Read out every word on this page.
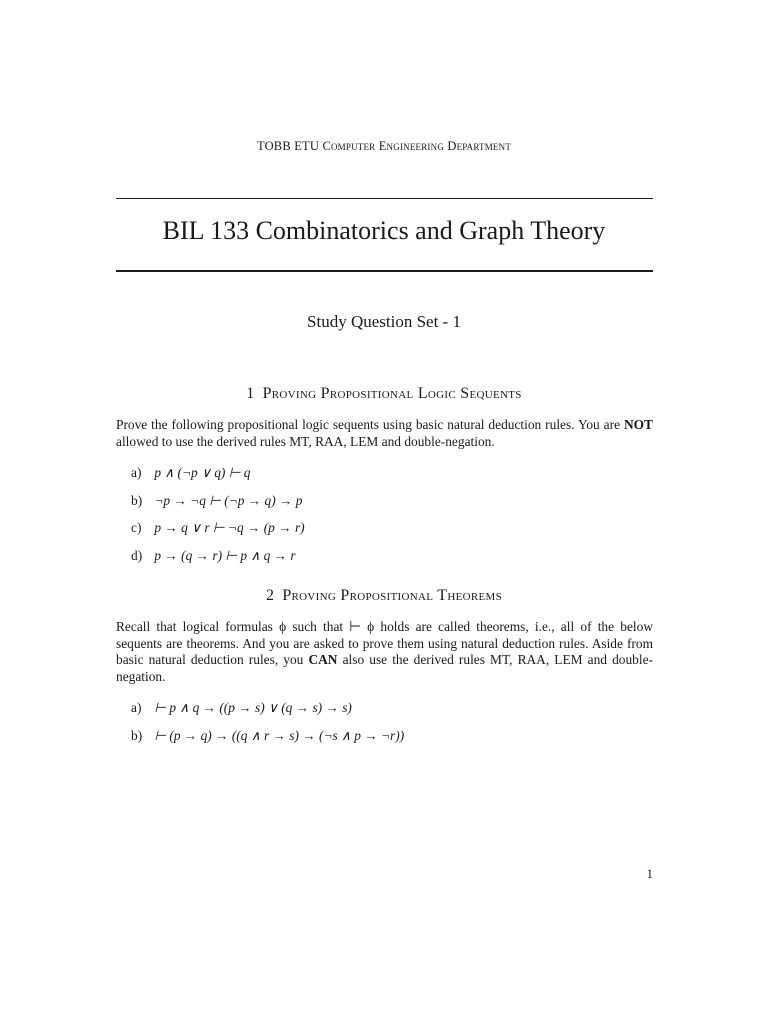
TOBB ETU Computer Engineering Department
BIL 133 Combinatorics and Graph Theory
Study Question Set - 1
1 Proving Propositional Logic Sequents
Prove the following propositional logic sequents using basic natural deduction rules. You are NOT allowed to use the derived rules MT, RAA, LEM and double-negation.
a) p ∧ (¬p ∨ q) ⊢ q
b) ¬p → ¬q ⊢ (¬p → q) → p
c) p → q ∨ r ⊢ ¬q → (p → r)
d) p → (q → r) ⊢ p ∧ q → r
2 Proving Propositional Theorems
Recall that logical formulas ϕ such that ⊢ ϕ holds are called theorems, i.e., all of the below sequents are theorems. And you are asked to prove them using natural deduction rules. Aside from basic natural deduction rules, you CAN also use the derived rules MT, RAA, LEM and double-negation.
a) ⊢ p ∧ q → ((p → s) ∨ (q → s) → s)
b) ⊢ (p → q) → ((q ∧ r → s) → (¬s ∧ p → ¬r))
1
